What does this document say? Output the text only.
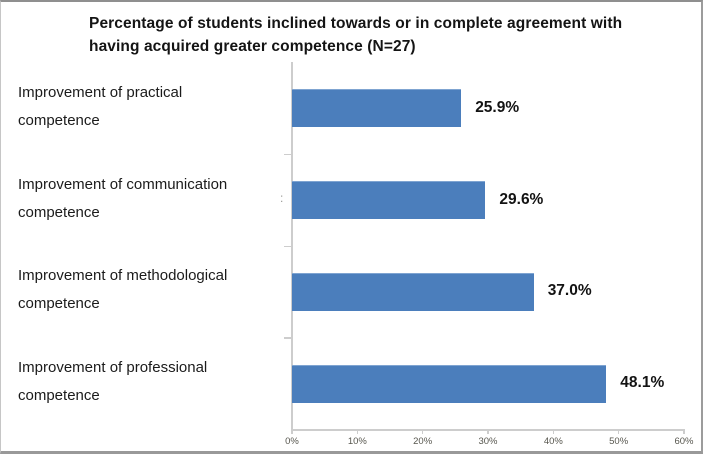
Percentage of students inclined towards or in complete agreement with
having acquired greater competence (N=27)
Improvement of practical
competence
25.9%
Improvement of communication
competence
29.6%
Improvement of methodological
competence
37.0%
Improvement of professional
competence
48.1%
0%	10%	20%	30%	40%	50%	60%
:
